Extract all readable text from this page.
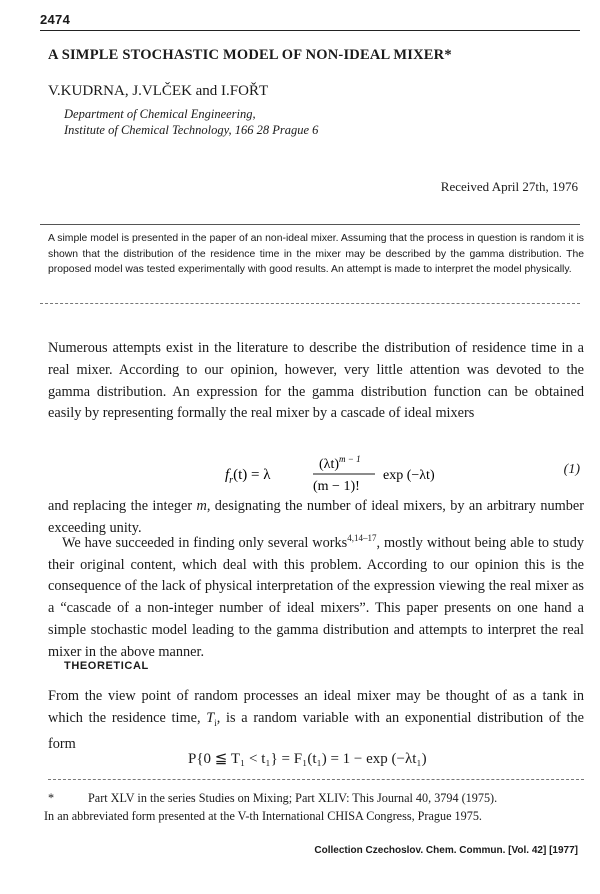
2474
A SIMPLE STOCHASTIC MODEL OF NON-IDEAL MIXER*
V.KUDRNA, J.VLČEK and I.FOŘT
Department of Chemical Engineering,
Institute of Chemical Technology, 166 28 Prague 6
Received April 27th, 1976
A simple model is presented in the paper of an non-ideal mixer. Assuming that the process in question is random it is shown that the distribution of the residence time in the mixer may be described by the gamma distribution. The proposed model was tested experimentally with good results. An attempt is made to interpret the model physically.
Numerous attempts exist in the literature to describe the distribution of residence time in a real mixer. According to our opinion, however, very little attention was devoted to the gamma distribution. An expression for the gamma distribution function can be obtained easily by representing formally the real mixer by a cascade of ideal mixers
$f_r(t) = \lambda$
$(\lambda t)^{m - 1}$
(m − 1)!
exp (−λt)	(1)
and replacing the integer m, designating the number of ideal mixers, by an arbitrary number exceeding unity.
We have succeeded in finding only several works$^{4,14-17}$, mostly without being able to study their original content, which deal with this problem. According to our opinion this is the consequence of the lack of physical interpretation of the expression viewing the real mixer as a “cascade of a non-integer number of ideal mixers”. This paper presents on one hand a simple stochastic model leading to the gamma distribution and attempts to interpret the real mixer in the above manner.
THEORETICAL
From the view point of random processes an ideal mixer may be thought of as a tank in which the residence time, $T_i$, is a random variable with an exponential distribution of the form
P{0 ≦ T₁ < t₁} = F₁(t₁) = 1 − exp (−λt₁)
*	Part XLV in the series Studies on Mixing; Part XLIV: This Journal 40, 3794 (1975).
In an abbreviated form presented at the V-th International CHISA Congress, Prague 1975.
Collection Czechoslov. Chem. Commun. [Vol. 42] [1977]
